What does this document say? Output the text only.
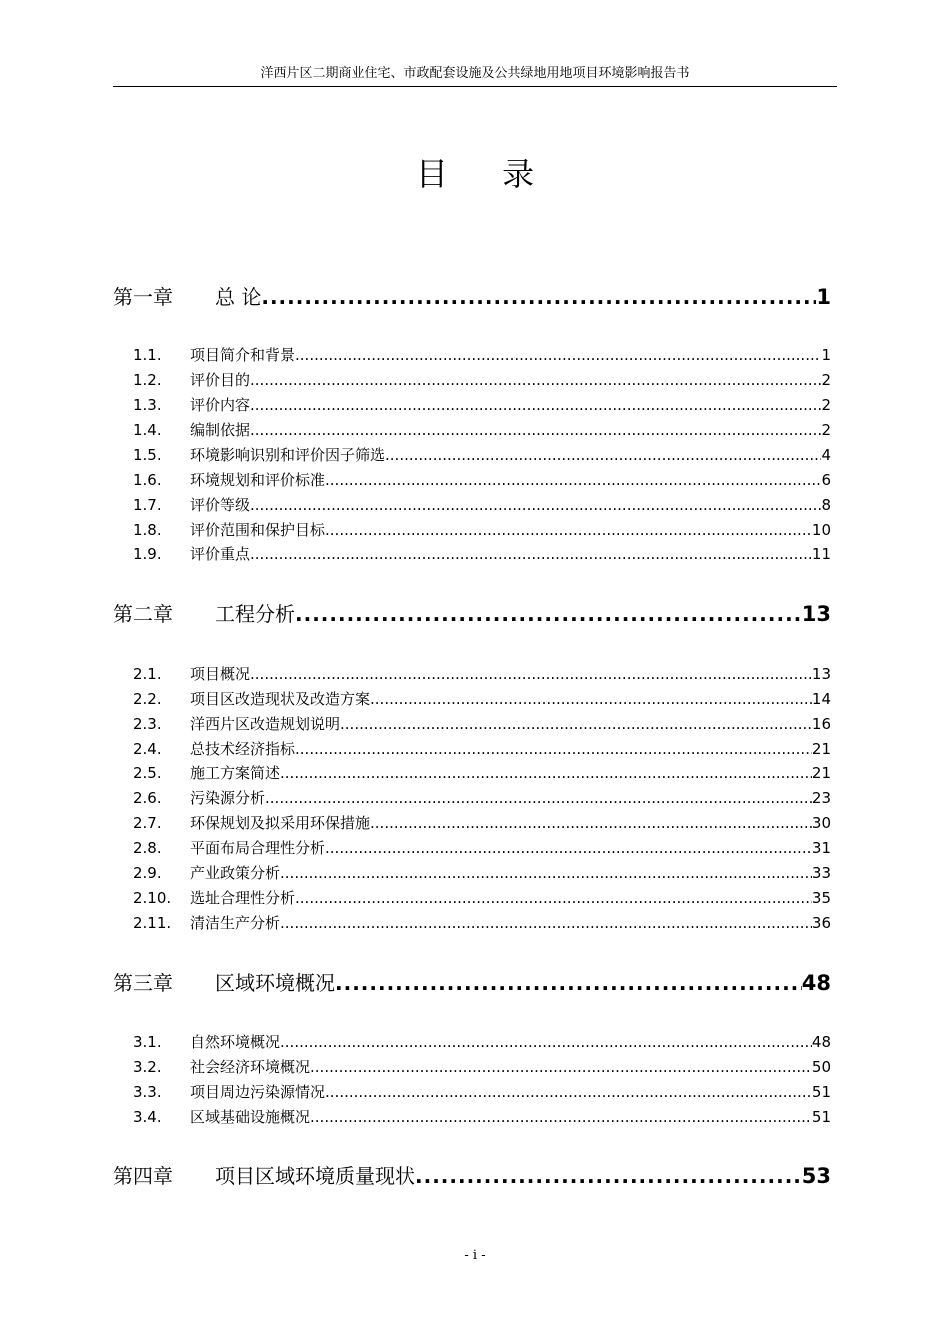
洋西片区二期商业住宅、市政配套设施及公共绿地用地项目环境影响报告书
目 录
第一章	总 论 .....	1
1.1.	项目简介和背景 .....	1
1.2.	评价目的 .....	2
1.3.	评价内容 .....	2
1.4.	编制依据 .....	2
1.5.	环境影响识别和评价因子筛选 .....	4
1.6.	环境规划和评价标准 .....	6
1.7.	评价等级 .....	8
1.8.	评价范围和保护目标 .....	10
1.9.	评价重点 .....	11
第二章	工程分析 .....	13
2.1.	项目概况 .....	13
2.2.	项目区改造现状及改造方案 .....	14
2.3.	洋西片区改造规划说明 .....	16
2.4.	总技术经济指标 .....	21
2.5.	施工方案简述 .....	21
2.6.	污染源分析 .....	23
2.7.	环保规划及拟采用环保措施 .....	30
2.8.	平面布局合理性分析 .....	31
2.9.	产业政策分析 .....	33
2.10.	选址合理性分析 .....	35
2.11.	清洁生产分析 .....	36
第三章	区域环境概况 .....	48
3.1.	自然环境概况 .....	48
3.2.	社会经济环境概况 .....	50
3.3.	项目周边污染源情况 .....	51
3.4.	区域基础设施概况 .....	51
第四章	项目区域环境质量现状 .....	53
- i -
